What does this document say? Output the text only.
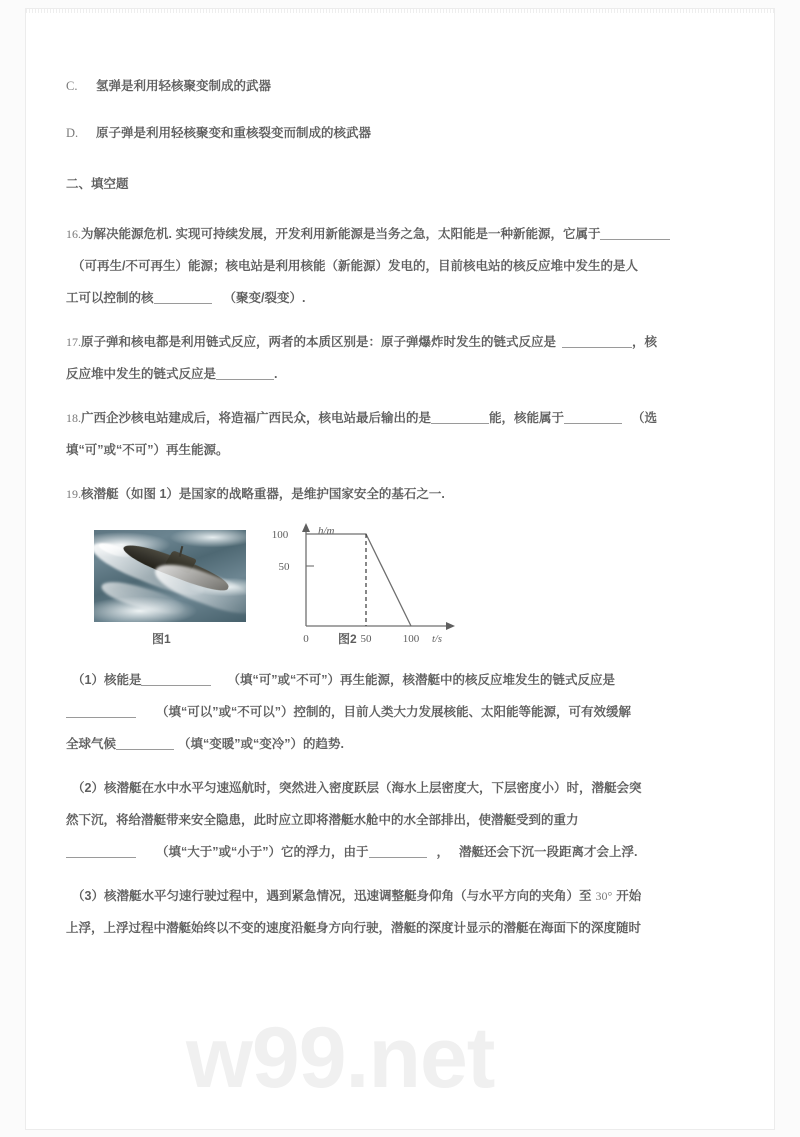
w99.net
C.	氢弹是利用轻核聚变制成的武器
D.	原子弹是利用轻核聚变和重核裂变而制成的核武器
二、填空题
16.为解决能源危机. 实现可持续发展，开发利用新能源是当务之急，太阳能是一种新能源，它属于
（可再生/不可再生）能源；核电站是利用核能（新能源）发电的，目前核电站的核反应堆中发生的是人
工可以控制的核	（聚变/裂变）.
17.原子弹和核电都是利用链式反应，两者的本质区别是：原子弹爆炸时发生的链式反应是	，核
反应堆中发生的链式反应是	.
18.广西企沙核电站建成后，将造福广西民众，核电站最后输出的是	能，核能属于	（选
填“可”或“不可”）再生能源。
19.核潜艇（如图 1）是国家的战略重器，是维护国家安全的基石之一.
图1
h/m
t/s
50
100
0	50	100
图2
（1）核能是	（填“可”或“不可”）再生能源，核潜艇中的核反应堆发生的链式反应是
（填“可以”或“不可以”）控制的，目前人类大力发展核能、太阳能等能源，可有效缓解
全球气候	（填“变暖”或“变冷”）的趋势.
（2）核潜艇在水中水平匀速巡航时，突然进入密度跃层（海水上层密度大，下层密度小）时，潜艇会突
然下沉，将给潜艇带来安全隐患，此时应立即将潜艇水舱中的水全部排出，使潜艇受到的重力
（填“大于”或“小于”）它的浮力，由于	， 潜艇还会下沉一段距离才会上浮.
（3）核潜艇水平匀速行驶过程中，遇到紧急情况，迅速调整艇身仰角（与水平方向的夹角）至 30° 开始
上浮，上浮过程中潜艇始终以不变的速度沿艇身方向行驶，潜艇的深度计显示的潜艇在海面下的深度随时
